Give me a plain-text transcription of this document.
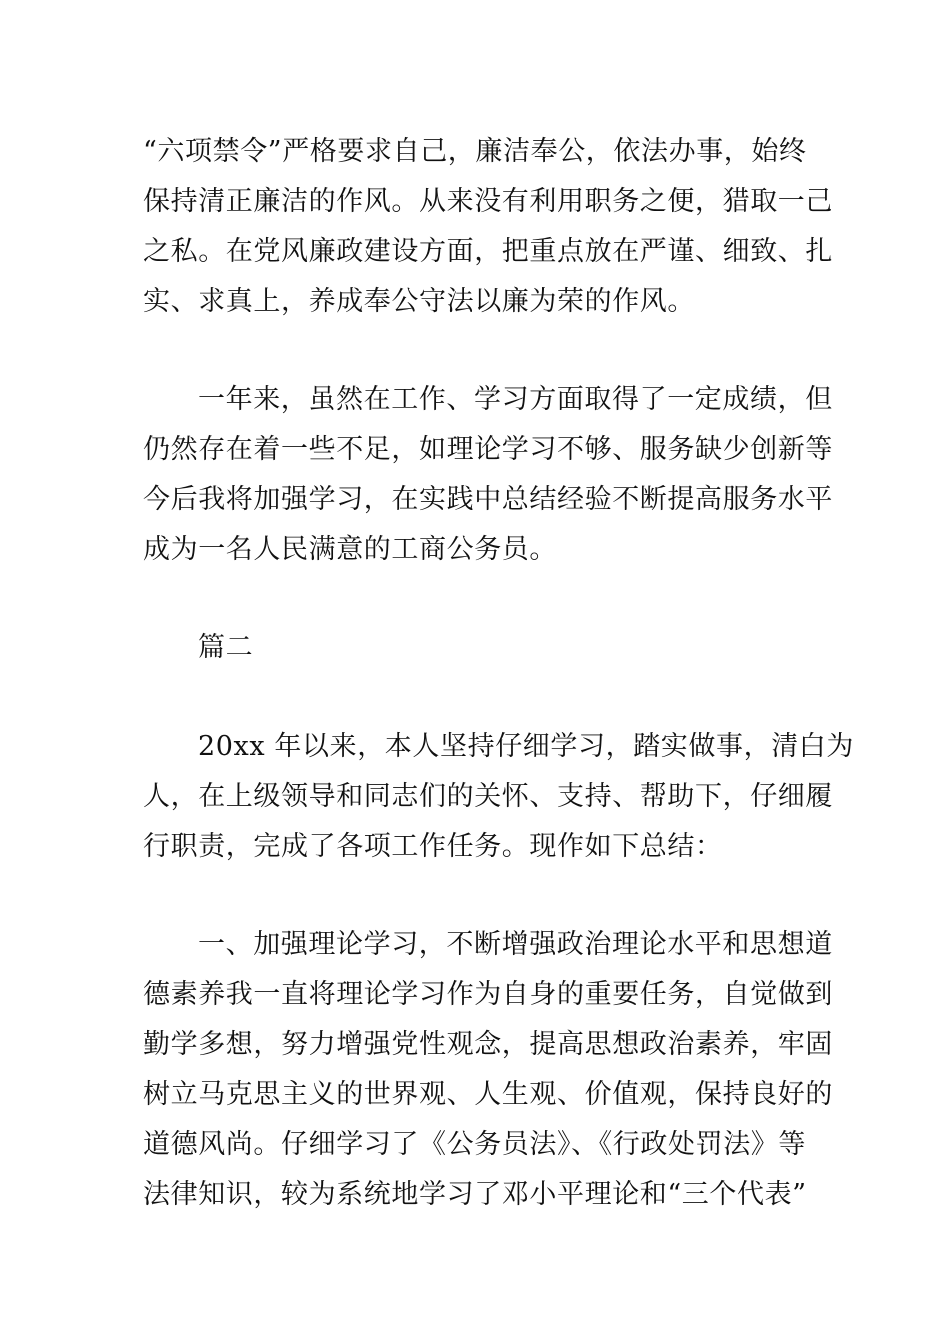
“六项禁令”严格要求自己，廉洁奉公，依法办事，始终
保持清正廉洁的作风。从来没有利用职务之便，猎取一己
之私。在党风廉政建设方面，把重点放在严谨、细致、扎
实、求真上，养成奉公守法以廉为荣的作风。
一年来，虽然在工作、学习方面取得了一定成绩，但
仍然存在着一些不足，如理论学习不够、服务缺少创新等
今后我将加强学习，在实践中总结经验不断提高服务水平
成为一名人民满意的工商公务员。
篇二
20xx 年以来，本人坚持仔细学习，踏实做事，清白为
人，在上级领导和同志们的关怀、支持、帮助下，仔细履
行职责，完成了各项工作任务。现作如下总结：
一、加强理论学习，不断增强政治理论水平和思想道
德素养我一直将理论学习作为自身的重要任务，自觉做到
勤学多想，努力增强党性观念，提高思想政治素养，牢固
树立马克思主义的世界观、人生观、价值观，保持良好的
道德风尚。仔细学习了《公务员法》、《行政处罚法》等
法律知识，较为系统地学习了邓小平理论和“三个代表”
